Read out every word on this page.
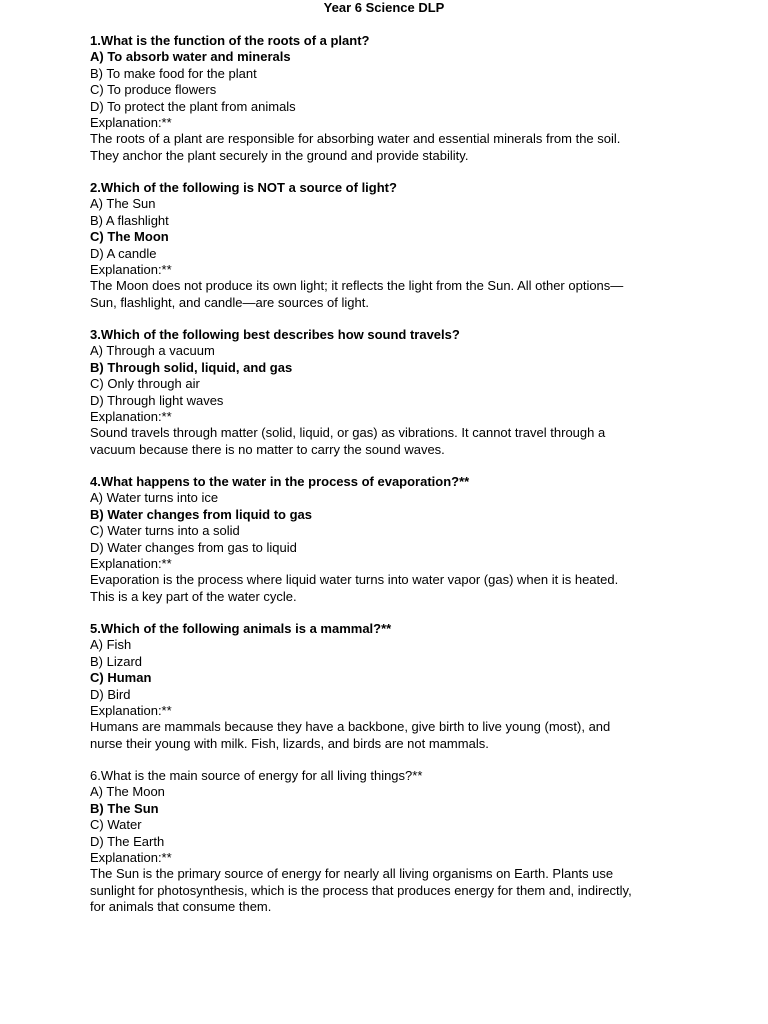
Year 6 Science DLP
1.What is the function of the roots of a plant?
A) To absorb water and minerals
B) To make food for the plant
C) To produce flowers
D) To protect the plant from animals
Explanation:**
The roots of a plant are responsible for absorbing water and essential minerals from the soil.
They anchor the plant securely in the ground and provide stability.
2.Which of the following is NOT a source of light?
A) The Sun
B) A flashlight
C) The Moon
D) A candle
Explanation:**
The Moon does not produce its own light; it reflects the light from the Sun. All other options—
Sun, flashlight, and candle—are sources of light.
3.Which of the following best describes how sound travels?
A) Through a vacuum
B) Through solid, liquid, and gas
C) Only through air
D) Through light waves
Explanation:**
Sound travels through matter (solid, liquid, or gas) as vibrations. It cannot travel through a
vacuum because there is no matter to carry the sound waves.
4.What happens to the water in the process of evaporation?**
A) Water turns into ice
B) Water changes from liquid to gas
C) Water turns into a solid
D) Water changes from gas to liquid
Explanation:**
Evaporation is the process where liquid water turns into water vapor (gas) when it is heated.
This is a key part of the water cycle.
5.Which of the following animals is a mammal?**
A) Fish
B) Lizard
C) Human
D) Bird
Explanation:**
Humans are mammals because they have a backbone, give birth to live young (most), and
nurse their young with milk. Fish, lizards, and birds are not mammals.
6.What is the main source of energy for all living things?**
A) The Moon
B) The Sun
C) Water
D) The Earth
Explanation:**
The Sun is the primary source of energy for nearly all living organisms on Earth. Plants use
sunlight for photosynthesis, which is the process that produces energy for them and, indirectly,
for animals that consume them.
